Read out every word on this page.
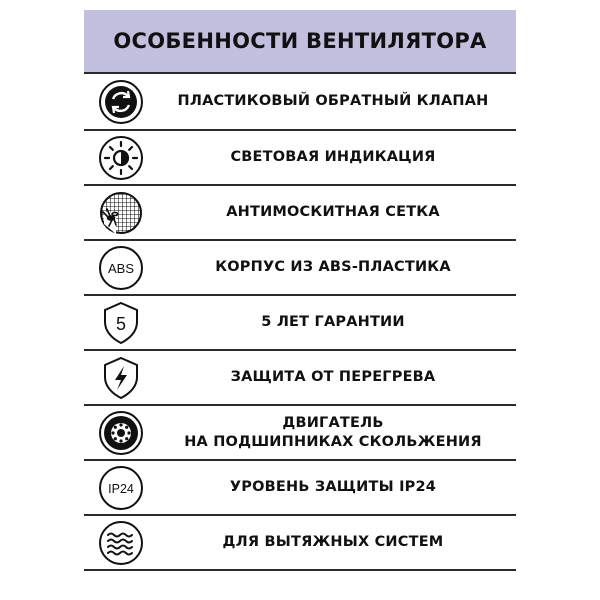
ОСОБЕННОСТИ ВЕНТИЛЯТОРА
ПЛАСТИКОВЫЙ ОБРАТНЫЙ КЛАПАН
СВЕТОВАЯ ИНДИКАЦИЯ
АНТИМОСКИТНАЯ СЕТКА
ABS	КОРПУС ИЗ ABS-ПЛАСТИКА
5	5 ЛЕТ ГАРАНТИИ
ЗАЩИТА ОТ ПЕРЕГРЕВА
ДВИГАТЕЛЬ
НА ПОДШИПНИКАХ СКОЛЬЖЕНИЯ
IP24	УРОВЕНЬ ЗАЩИТЫ IP24
ДЛЯ ВЫТЯЖНЫХ СИСТЕМ
